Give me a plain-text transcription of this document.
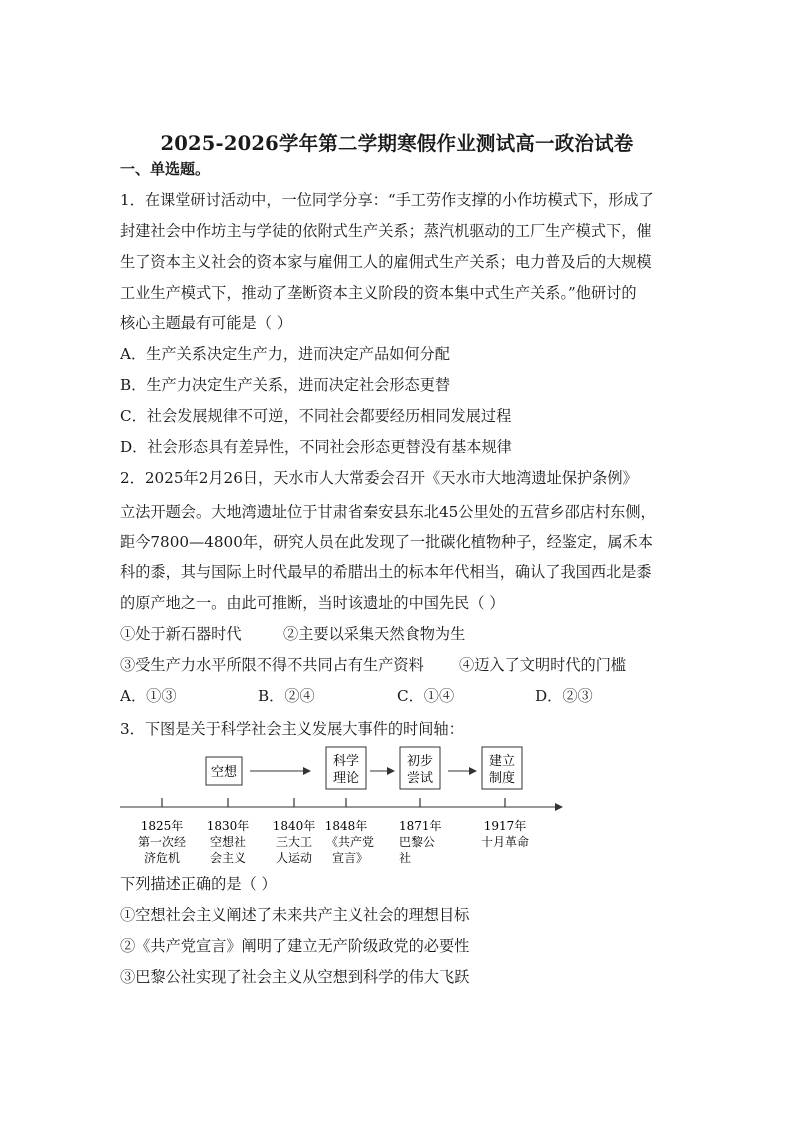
2025-2026学年第二学期寒假作业测试高一政治试卷
一、单选题。
1．在课堂研讨活动中，一位同学分享：“手工劳作支撑的小作坊模式下，形成了
封建社会中作坊主与学徒的依附式生产关系；蒸汽机驱动的工厂生产模式下，催
生了资本主义社会的资本家与雇佣工人的雇佣式生产关系；电力普及后的大规模
工业生产模式下，推动了垄断资本主义阶段的资本集中式生产关系。”他研讨的
核心主题最有可能是（ ）
A．生产关系决定生产力，进而决定产品如何分配
B．生产力决定生产关系，进而决定社会形态更替
C．社会发展规律不可逆，不同社会都要经历相同发展过程
D．社会形态具有差异性，不同社会形态更替没有基本规律
2．2025年2月26日，天水市人大常委会召开《天水市大地湾遗址保护条例》
立法开题会。大地湾遗址位于甘肃省秦安县东北45公里处的五营乡邵店村东侧，
距今7800—4800年，研究人员在此发现了一批碳化植物种子，经鉴定，属禾本
科的黍，其与国际上时代最早的希腊出土的标本年代相当，确认了我国西北是黍
的原产地之一。由此可推断，当时该遗址的中国先民（ ）
①处于新石器时代	②主要以采集天然食物为生
③受生产力水平所限不得不共同占有生产资料 ④迈入了文明时代的门槛
A．①③	B．②④	C．①④	D．②③
3．下图是关于科学社会主义发展大事件的时间轴：
空想
科学
理论
初步
尝试
建立
制度
1825年
第一次经
济危机
1830年
空想社
会主义
1840年
三大工
人运动
1848年
《共产党
宣言》
1871年
巴黎公
社
1917年
十月革命
下列描述正确的是（ ）
①空想社会主义阐述了未来共产主义社会的理想目标
②《共产党宣言》阐明了建立无产阶级政党的必要性
③巴黎公社实现了社会主义从空想到科学的伟大飞跃
